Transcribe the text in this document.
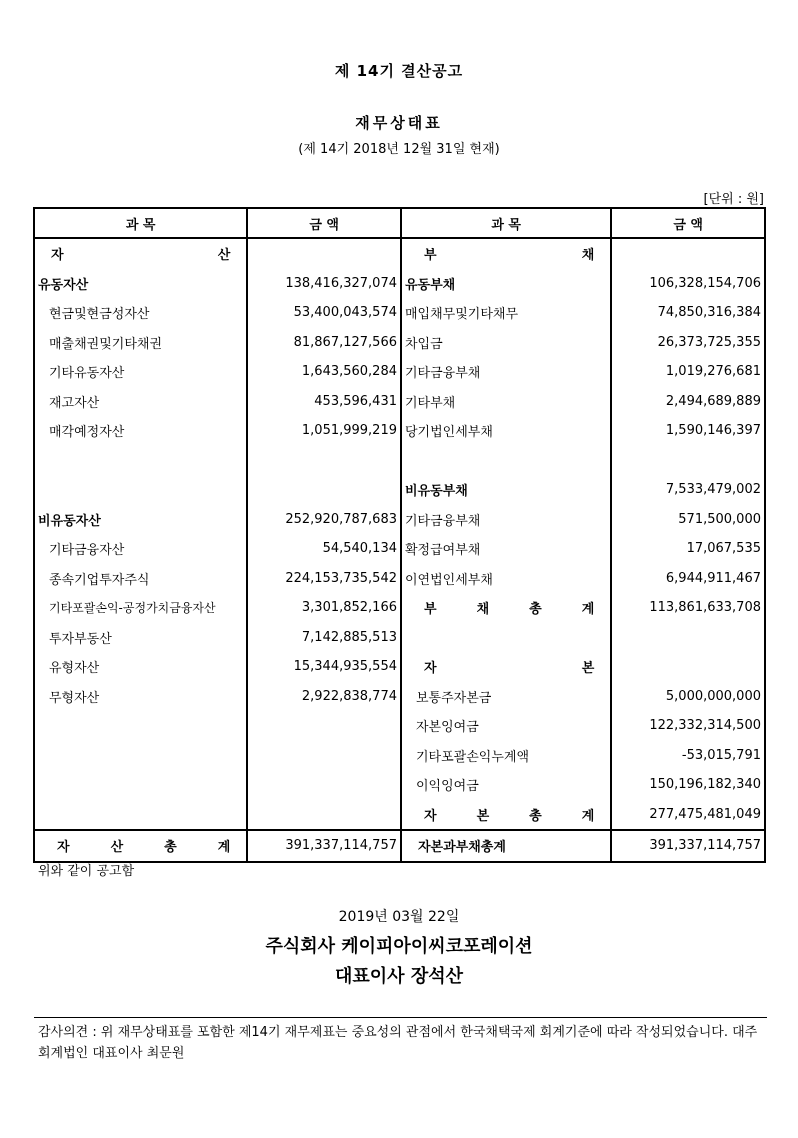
제 14기 결산공고
재무상태표
(제 14기 2018년 12월 31일 현재)
[단위 : 원]
과 목	금 액	과 목	금 액
자 산		부 채	
유동자산	138,416,327,074	유동부채	106,328,154,706
현금및현금성자산	53,400,043,574	매입채무및기타채무	74,850,316,384
매출채권및기타채권	81,867,127,566	차입금	26,373,725,355
기타유동자산	1,643,560,284	기타금융부채	1,019,276,681
재고자산	453,596,431	기타부채	2,494,689,889
매각예정자산	1,051,999,219	당기법인세부채	1,590,146,397

		비유동부채	7,533,479,002
비유동자산	252,920,787,683	기타금융부채	571,500,000
기타금융자산	54,540,134	확정급여부채	17,067,535
종속기업투자주식	224,153,735,542	이연법인세부채	6,944,911,467
기타포괄손익-공정가치금융자산	3,301,852,166	부 채 총 계	113,861,633,708
투자부동산	7,142,885,513		
유형자산	15,344,935,554	자 본	
무형자산	2,922,838,774	보통주자본금	5,000,000,000
		자본잉여금	122,332,314,500
		기타포괄손익누계액	-53,015,791
		이익잉여금	150,196,182,340
		자 본 총 계	277,475,481,049
자 산 총 계	391,337,114,757	자본과부채총계	391,337,114,757
위와 같이 공고함
2019년 03월 22일
주식회사 케이피아이씨코포레이션
대표이사 장석산
감사의견 : 위 재무상태표를 포함한 제14기 재무제표는 중요성의 관점에서 한국채택국제 회계기준에 따라 작성되었습니다. 대주회계법인 대표이사 최문원
